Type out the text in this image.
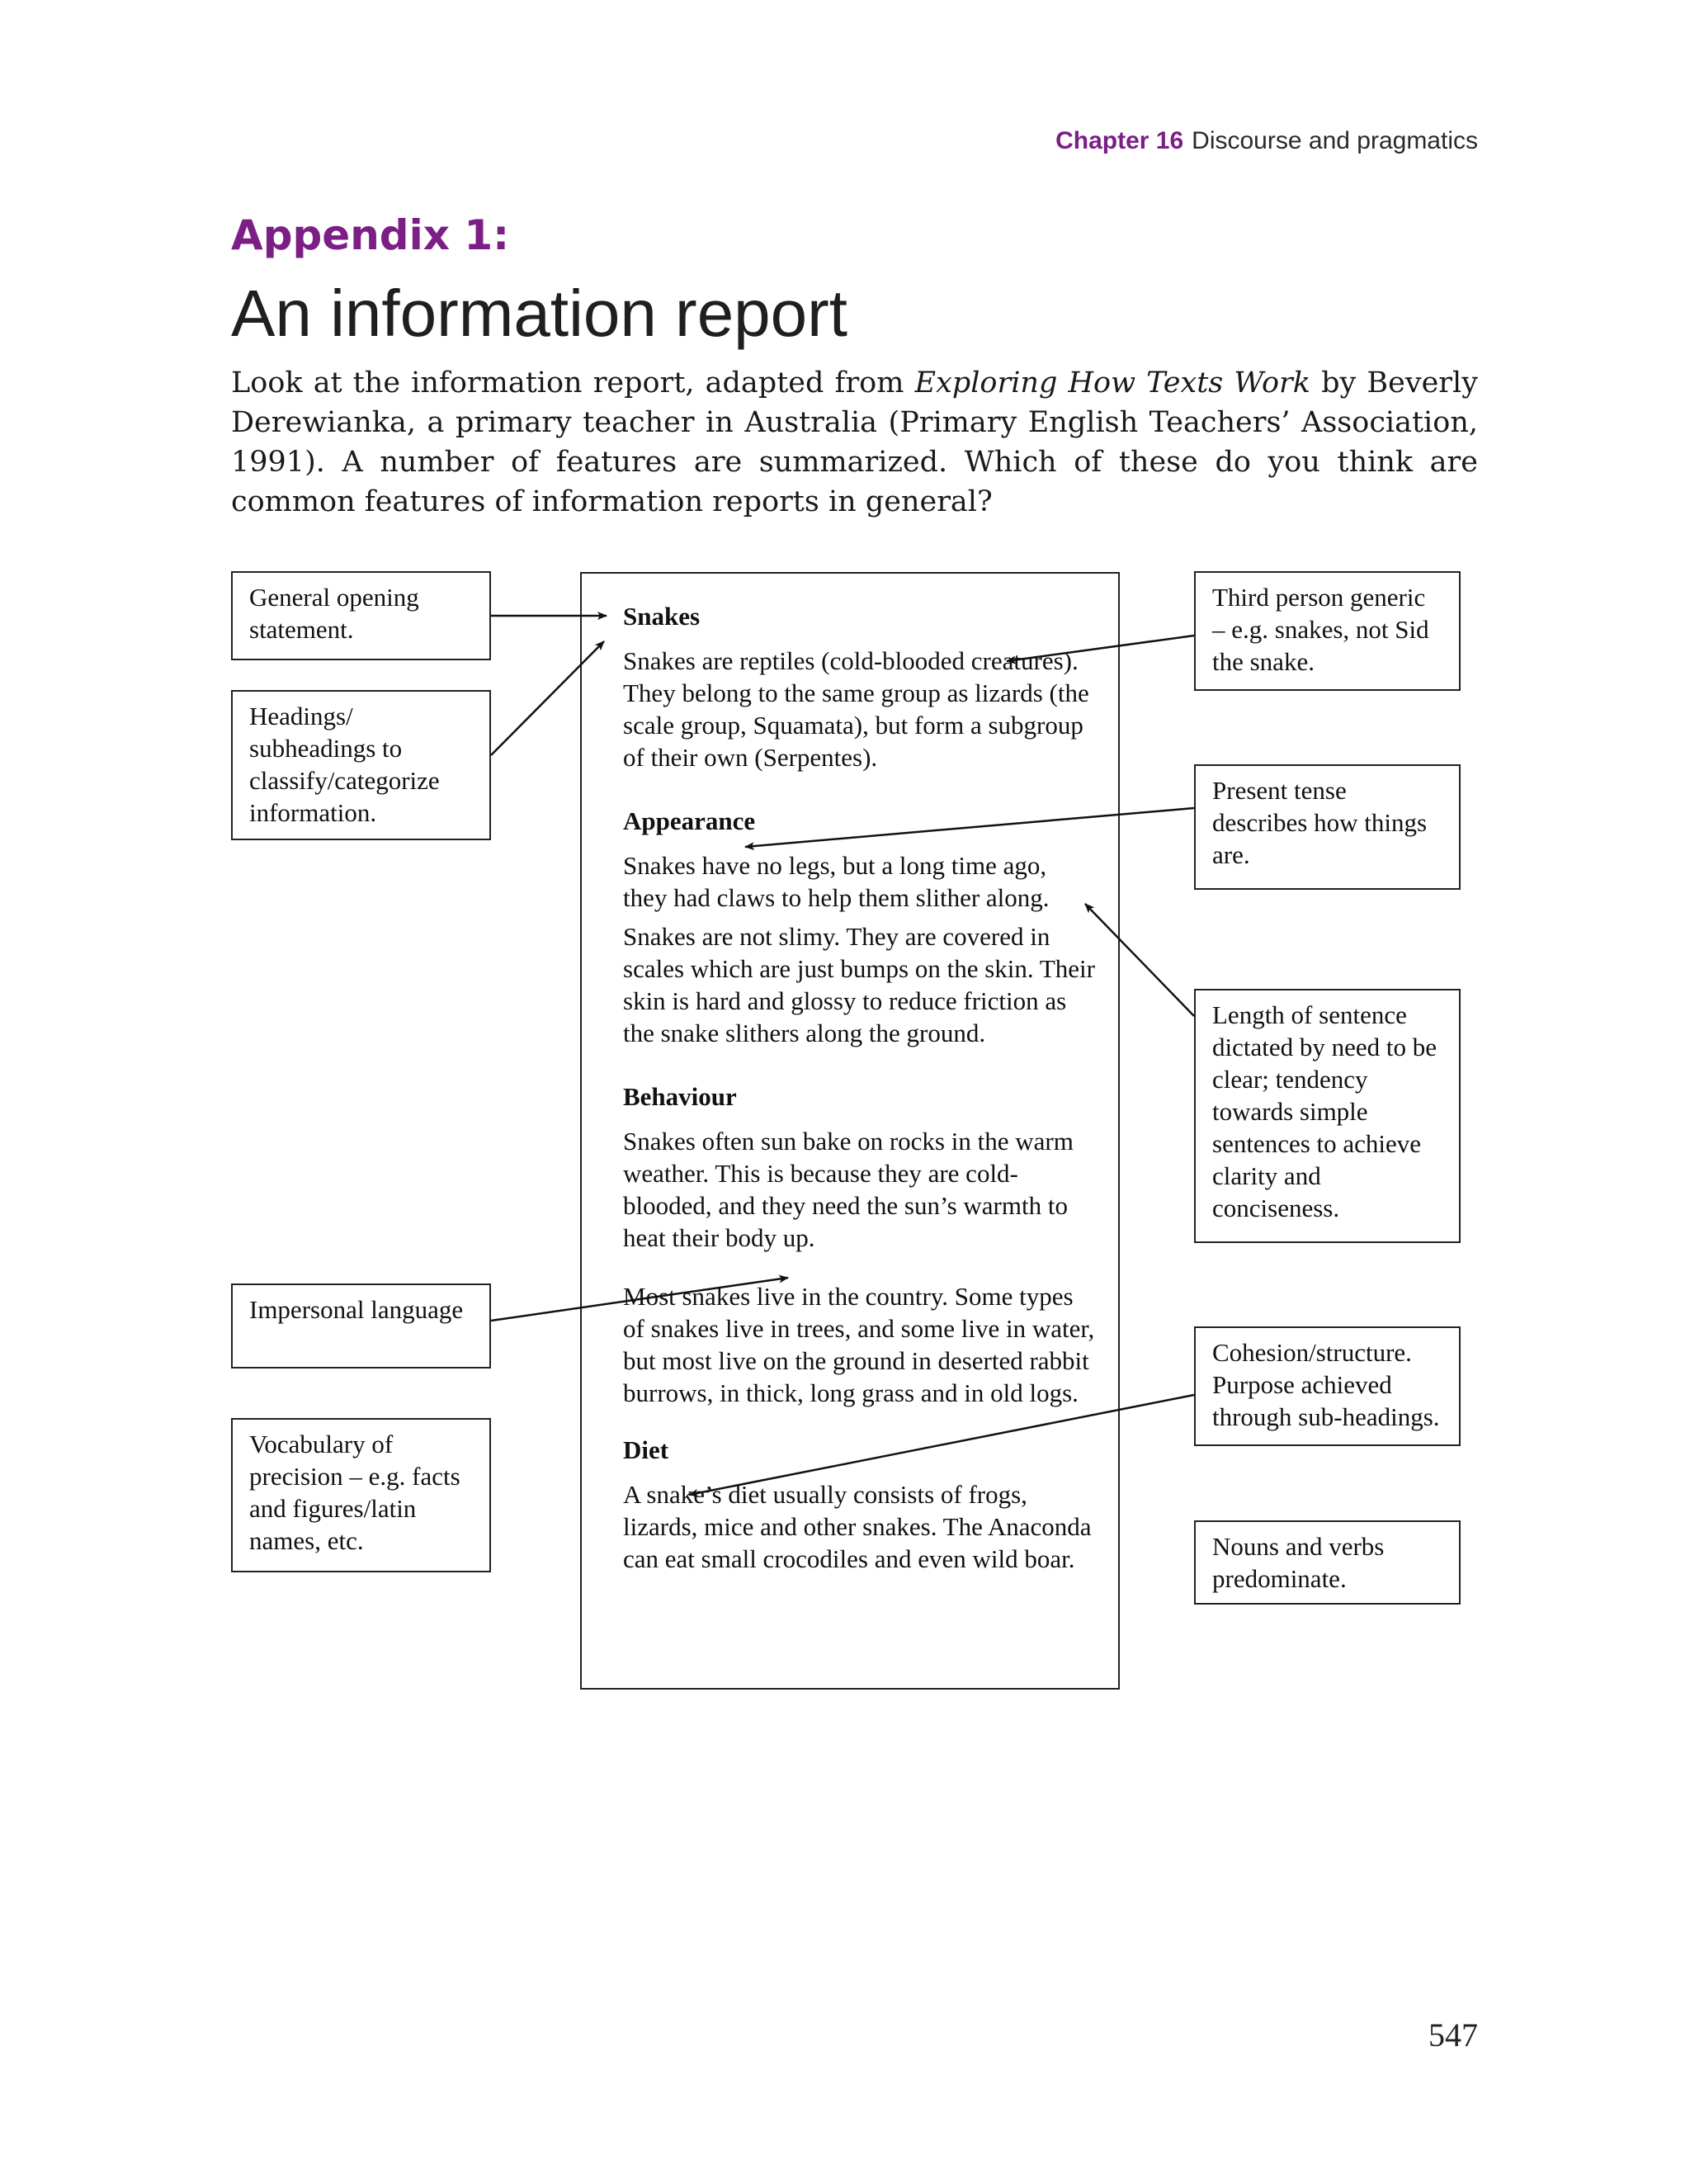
Chapter 16 Discourse and pragmatics
Appendix 1:
An information report

Look at the information report, adapted from Exploring How Texts Work by Beverly Derewianka, a primary teacher in Australia (Primary English Teachers’ Association, 1991). A number of features are summarized. Which of these do you think are common features of information reports in general?

General opening statement.
Headings/ subheadings to classify/categorize information.
Impersonal language
Vocabulary of precision – e.g. facts and figures/latin names, etc.
Third person generic – e.g. snakes, not Sid the snake.
Present tense describes how things are.
Length of sentence dictated by need to be clear; tendency towards simple sentences to achieve clarity and conciseness.
Cohesion/structure. Purpose achieved through sub-headings.
Nouns and verbs predominate.
Snakes

Snakes are reptiles (cold-blooded creatures). They belong to the same group as lizards (the scale group, Squamata), but form a subgroup of their own (Serpentes).

Appearance

Snakes have no legs, but a long time ago, they had claws to help them slither along.

Snakes are not slimy. They are covered in scales which are just bumps on the skin. Their skin is hard and glossy to reduce friction as the snake slithers along the ground.

Behaviour

Snakes often sun bake on rocks in the warm weather. This is because they are cold-blooded, and they need the sun’s warmth to heat their body up.

Most snakes live in the country. Some types of snakes live in trees, and some live in water, but most live on the ground in deserted rabbit burrows, in thick, long grass and in old logs.

Diet

A snake’s diet usually consists of frogs, lizards, mice and other snakes. The Anaconda can eat small crocodiles and even wild boar.

547
